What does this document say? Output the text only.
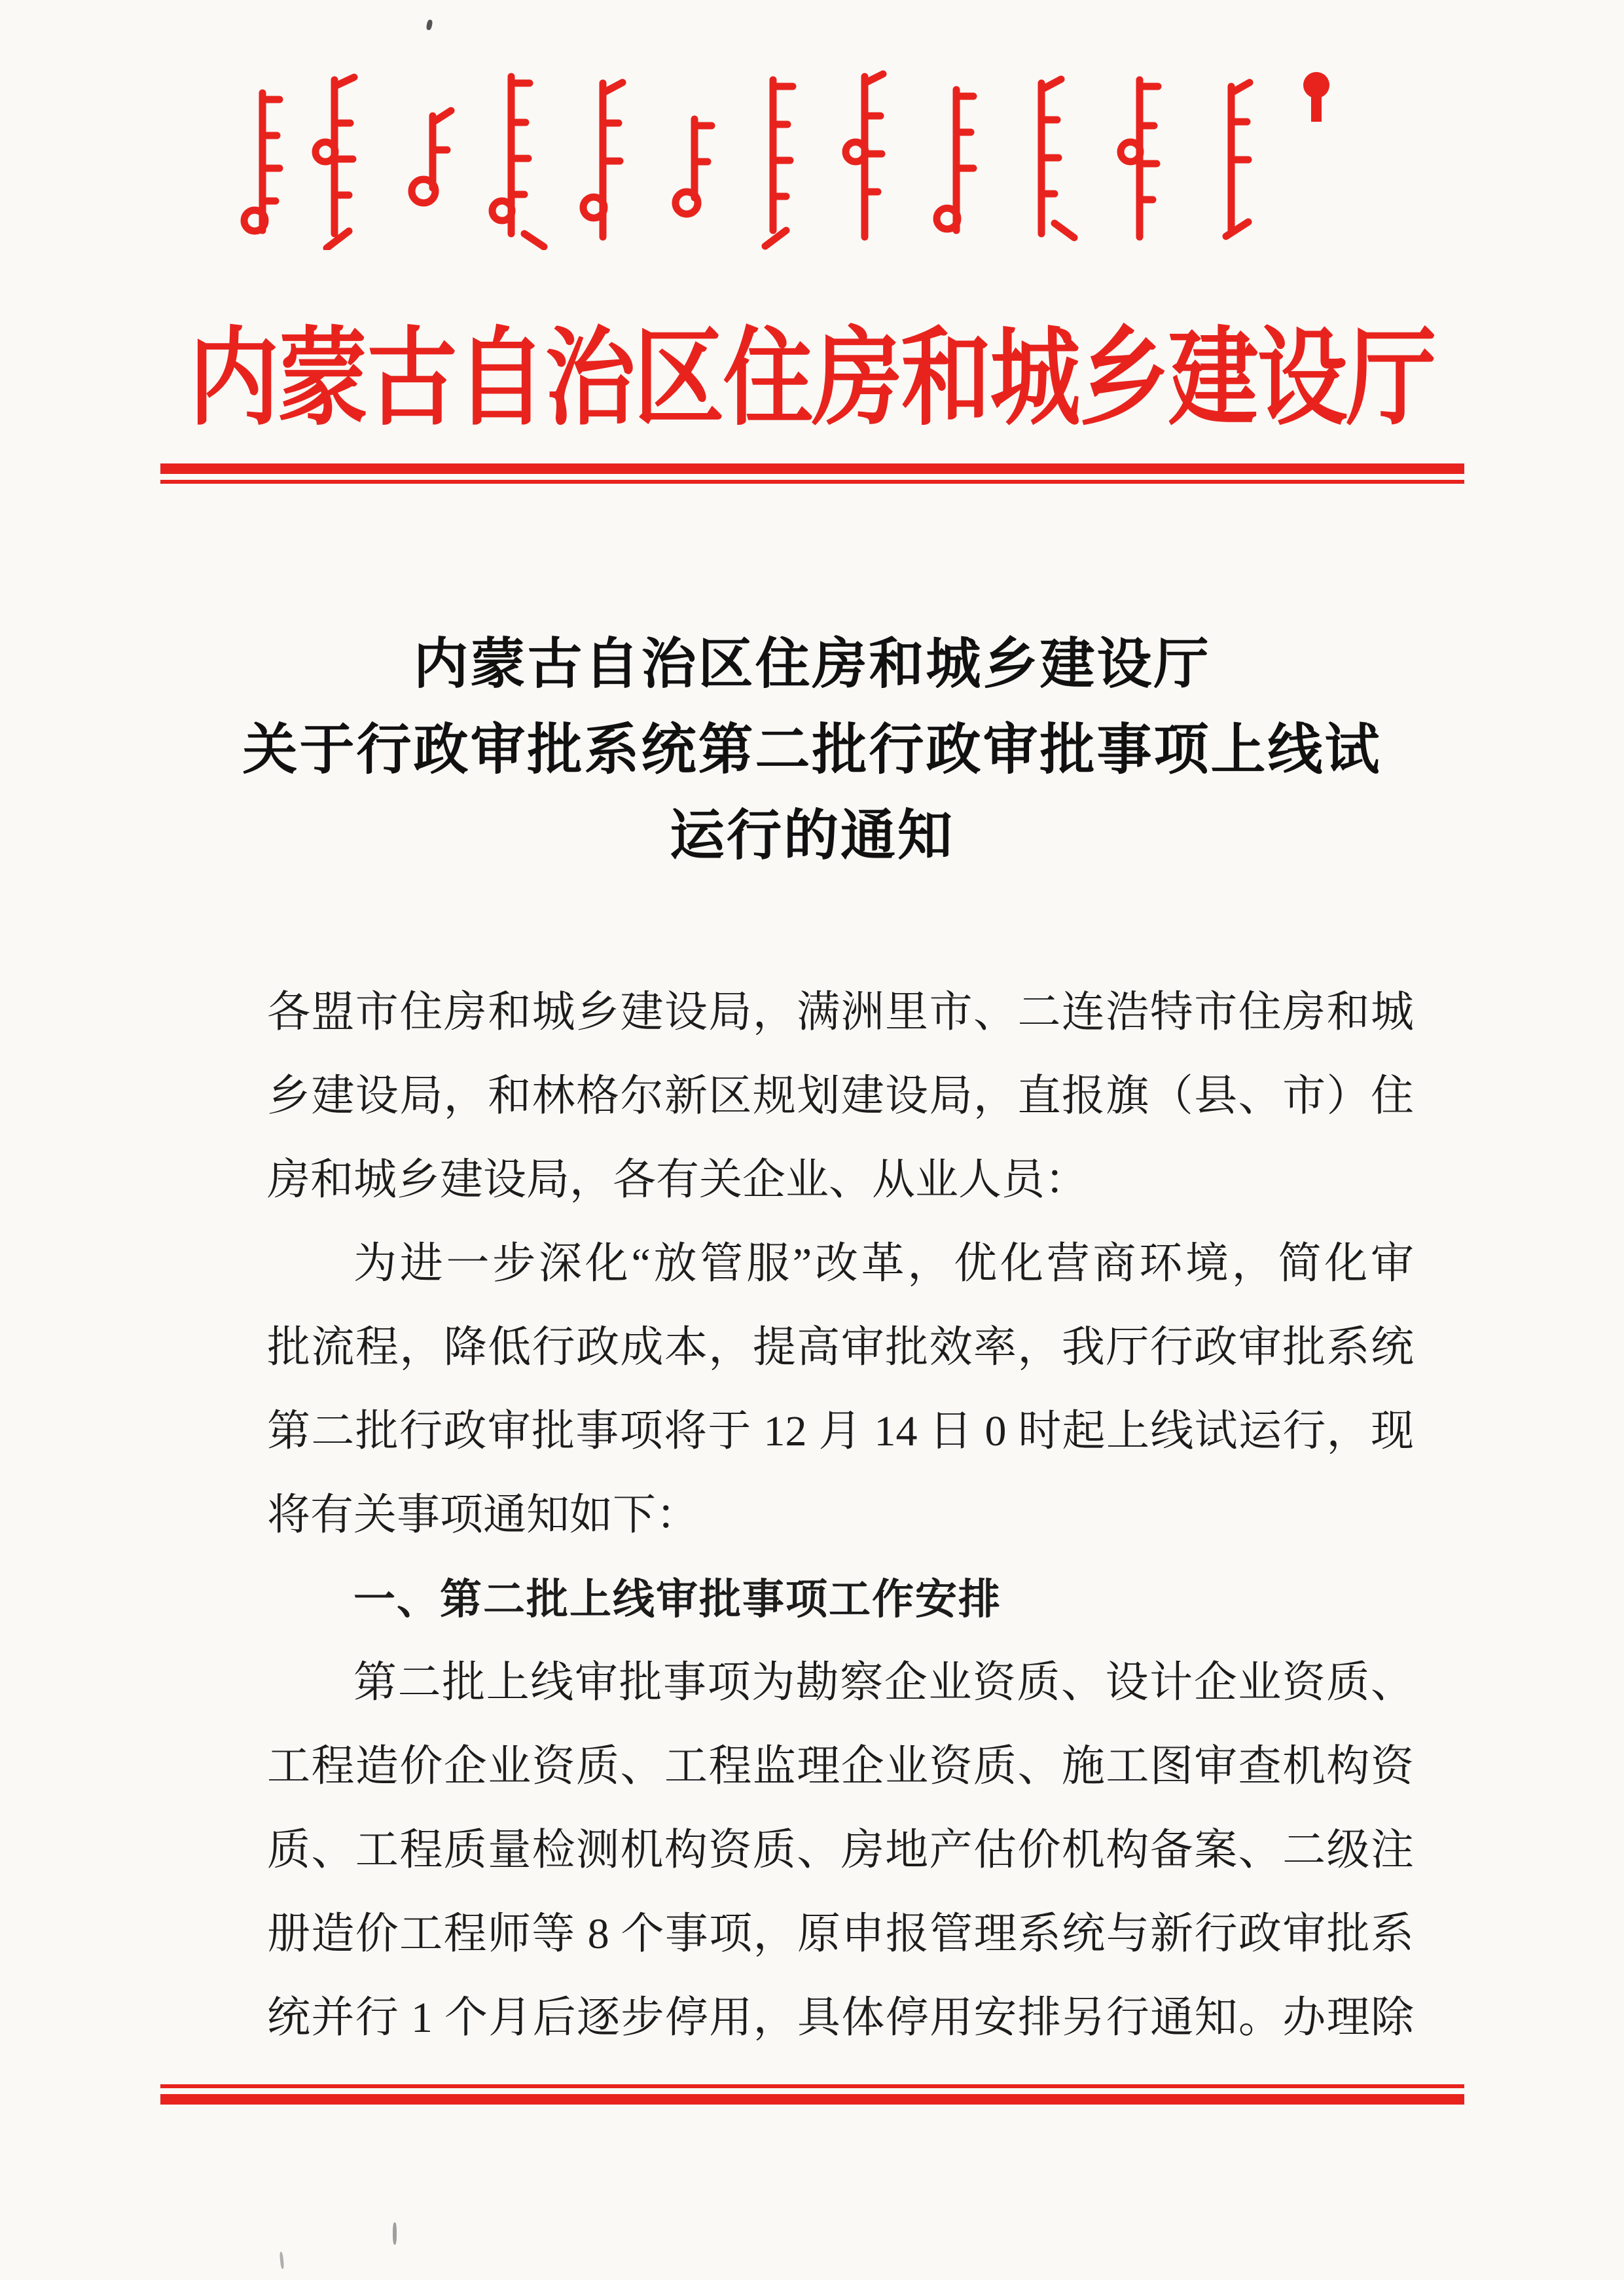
内蒙古自治区住房和城乡建设厅
内蒙古自治区住房和城乡建设厅
关于行政审批系统第二批行政审批事项上线试
运行的通知
各盟市住房和城乡建设局，满洲里市、二连浩特市住房和城
乡建设局，和林格尔新区规划建设局，直报旗（县、市）住
房和城乡建设局，各有关企业、从业人员：
为进一步深化“放管服”改革，优化营商环境，简化审
批流程，降低行政成本，提高审批效率，我厅行政审批系统
第二批行政审批事项将于 12 月 14 日 0 时起上线试运行，现
将有关事项通知如下：
一、第二批上线审批事项工作安排
第二批上线审批事项为勘察企业资质、设计企业资质、
工程造价企业资质、工程监理企业资质、施工图审查机构资
质、工程质量检测机构资质、房地产估价机构备案、二级注
册造价工程师等 8 个事项，原申报管理系统与新行政审批系
统并行 1 个月后逐步停用，具体停用安排另行通知。办理除
